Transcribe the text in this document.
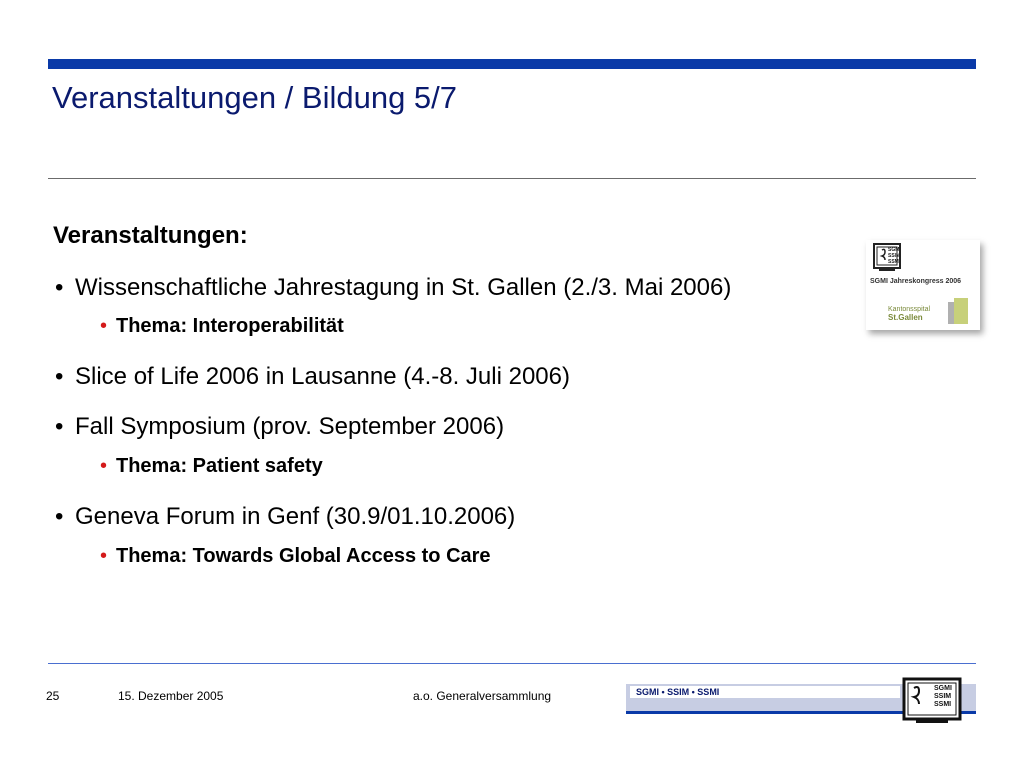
Veranstaltungen / Bildung 5/7
Veranstaltungen:
• Wissenschaftliche Jahrestagung in St. Gallen (2./3. Mai 2006)
• Thema: Interoperabilität
• Slice of Life 2006 in Lausanne (4.-8. Juli 2006)
• Fall Symposium (prov. September 2006)
• Thema: Patient safety
• Geneva Forum in Genf (30.9/01.10.2006)
• Thema: Towards Global Access to Care
SGMI Jahreskongress 2006
Kantonsspital
St.Gallen
SGMI
SSIM
SSMI
25	15. Dezember 2005	a.o. Generalversammlung	SGMI • SSIM • SSMI	SGMI
SSIM
SSMI
